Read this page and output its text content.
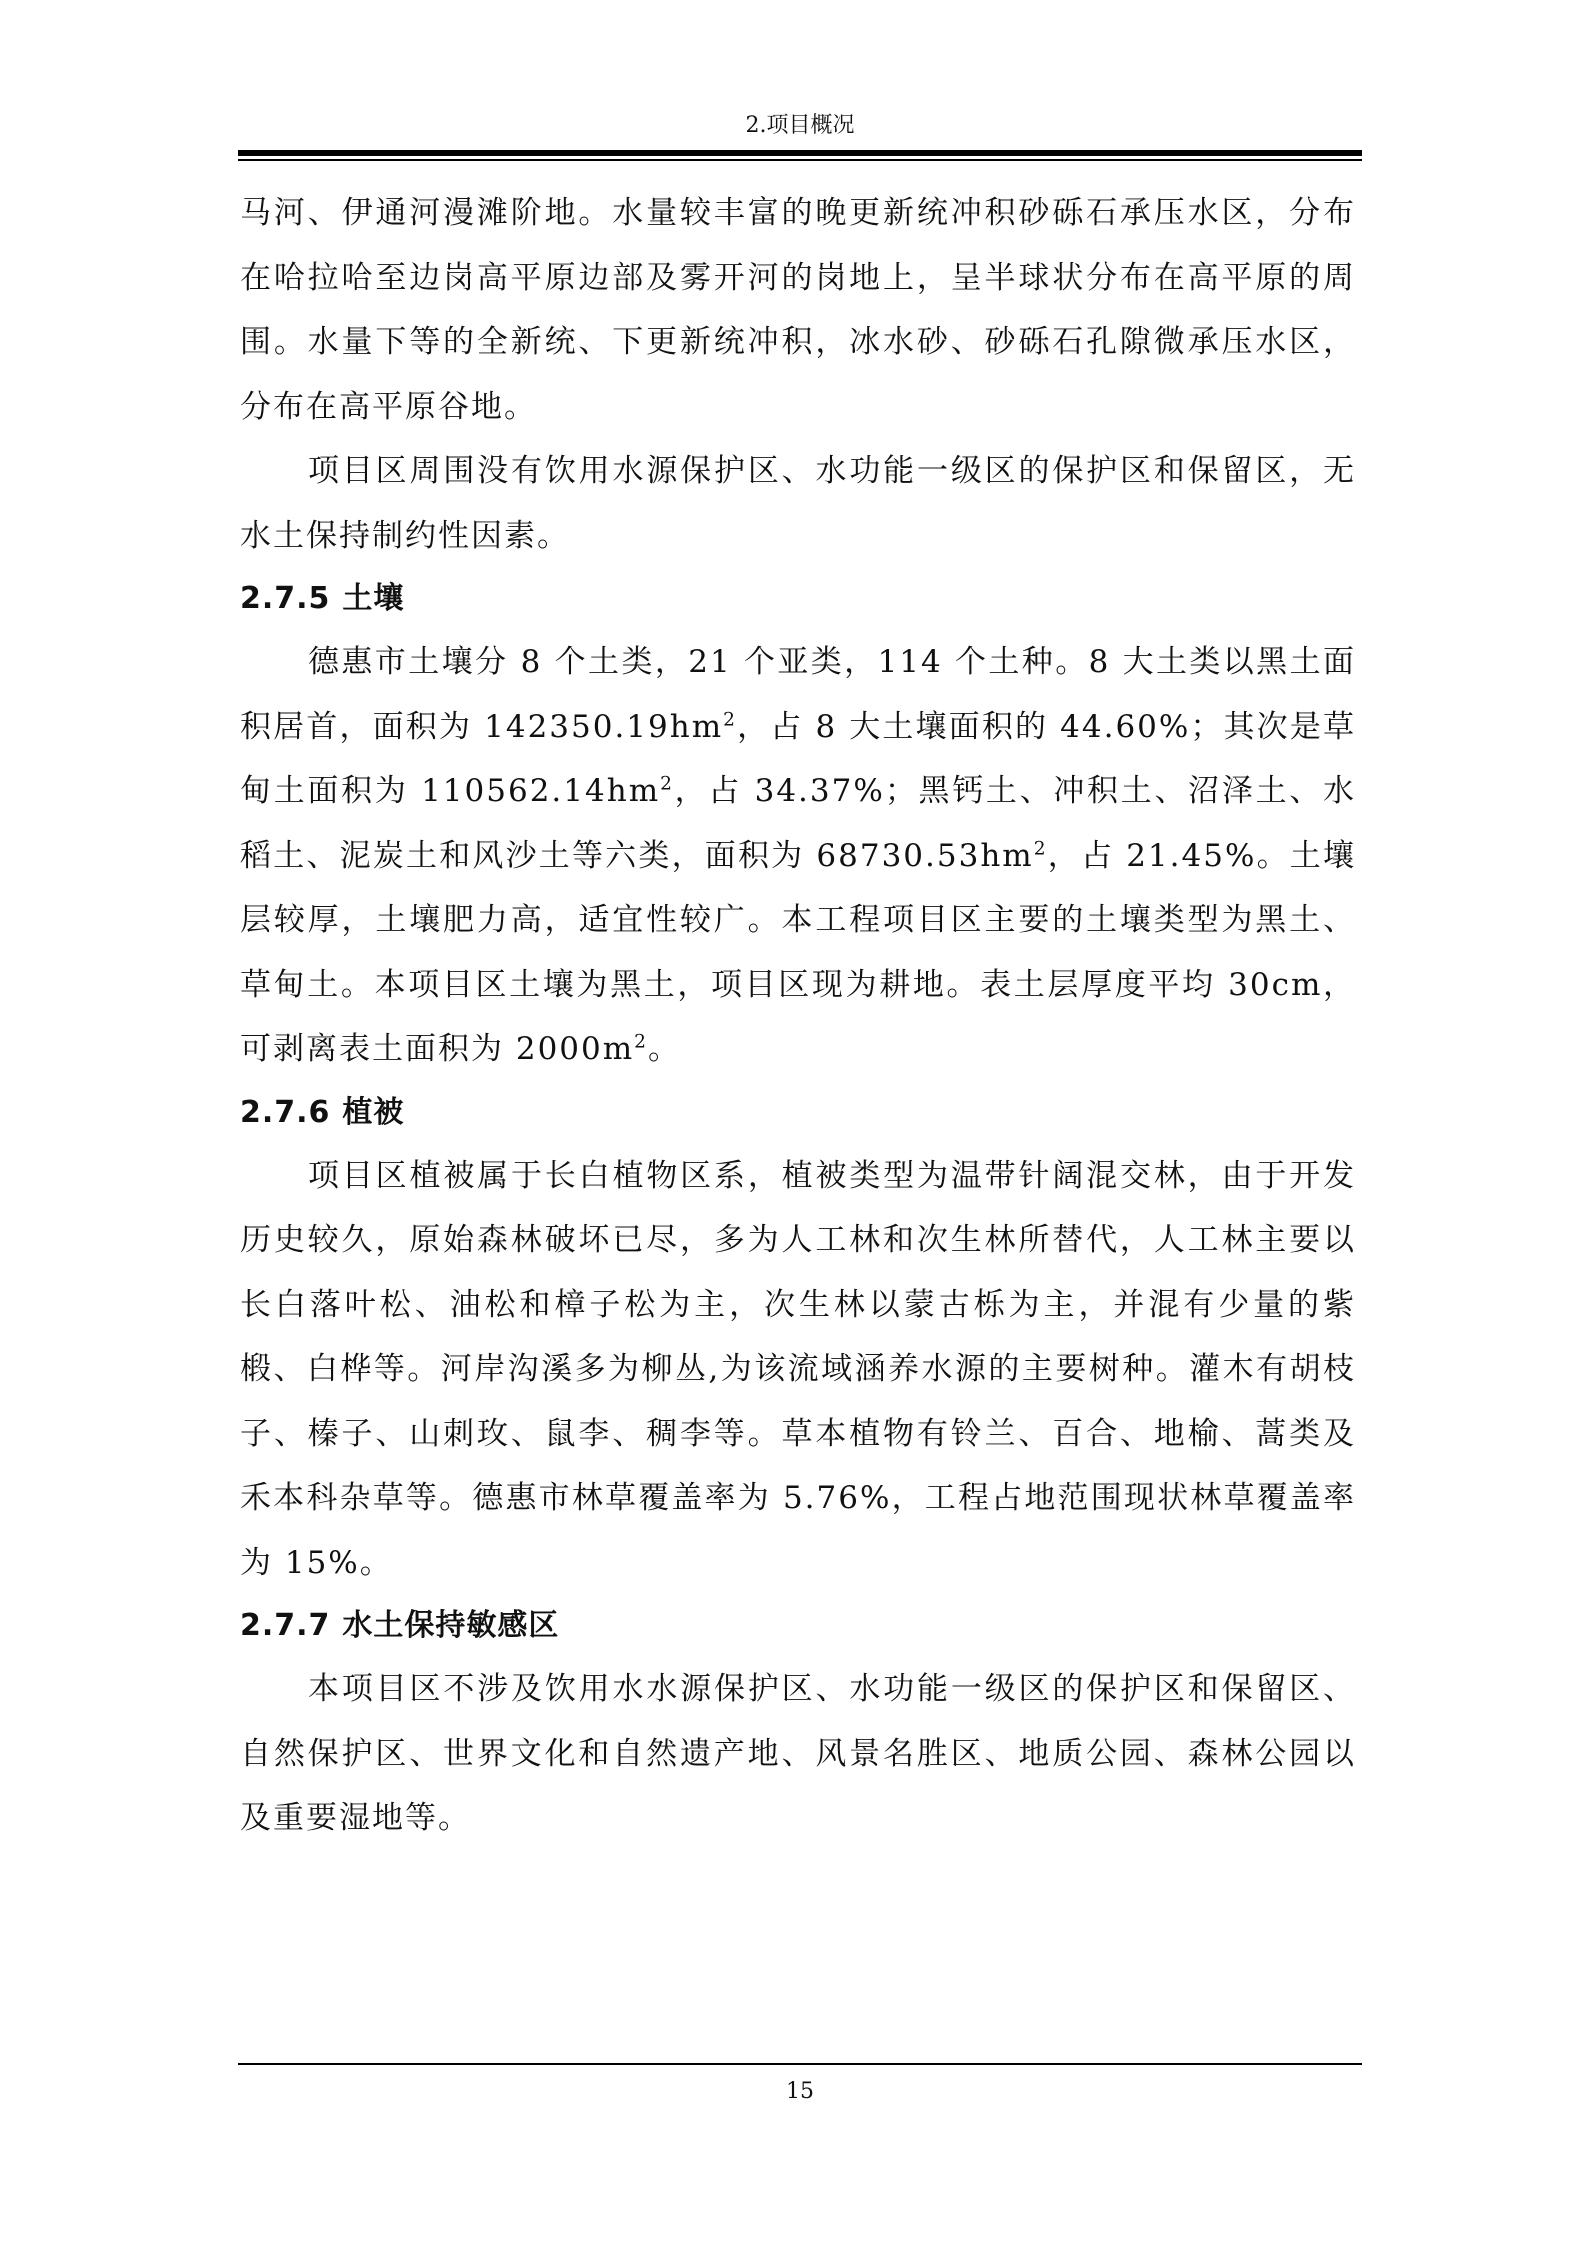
2.项目概况

马河、伊通河漫滩阶地。水量较丰富的晚更新统冲积砂砾石承压水区，分布在哈拉哈至边岗高平原边部及雾开河的岗地上，呈半球状分布在高平原的周围。水量下等的全新统、下更新统冲积，冰水砂、砂砾石孔隙微承压水区，分布在高平原谷地。

项目区周围没有饮用水源保护区、水功能一级区的保护区和保留区，无水土保持制约性因素。

2.7.5 土壤

德惠市土壤分 8 个土类，21 个亚类，114 个土种。8 大土类以黑土面积居首，面积为 $142350.19hm^2$，占 8 大土壤面积的 44.60%；其次是草甸土面积为 $110562.14hm^2$，占 34.37%；黑钙土、冲积土、沼泽土、水稻土、泥炭土和风沙土等六类，面积为 $68730.53hm^2$，占 21.45%。土壤层较厚，土壤肥力高，适宜性较广。本工程项目区主要的土壤类型为黑土、草甸土。本项目区土壤为黑土，项目区现为耕地。表土层厚度平均 30cm，可剥离表土面积为 $2000m^2$。

2.7.6 植被

项目区植被属于长白植物区系，植被类型为温带针阔混交林，由于开发历史较久，原始森林破坏已尽，多为人工林和次生林所替代，人工林主要以长白落叶松、油松和樟子松为主，次生林以蒙古栎为主，并混有少量的紫椴、白桦等。河岸沟溪多为柳丛,为该流域涵养水源的主要树种。灌木有胡枝子、榛子、山刺玫、鼠李、稠李等。草本植物有铃兰、百合、地榆、蒿类及禾本科杂草等。德惠市林草覆盖率为 5.76%，工程占地范围现状林草覆盖率为 15%。

2.7.7 水土保持敏感区

本项目区不涉及饮用水水源保护区、水功能一级区的保护区和保留区、自然保护区、世界文化和自然遗产地、风景名胜区、地质公园、森林公园以及重要湿地等。

15
